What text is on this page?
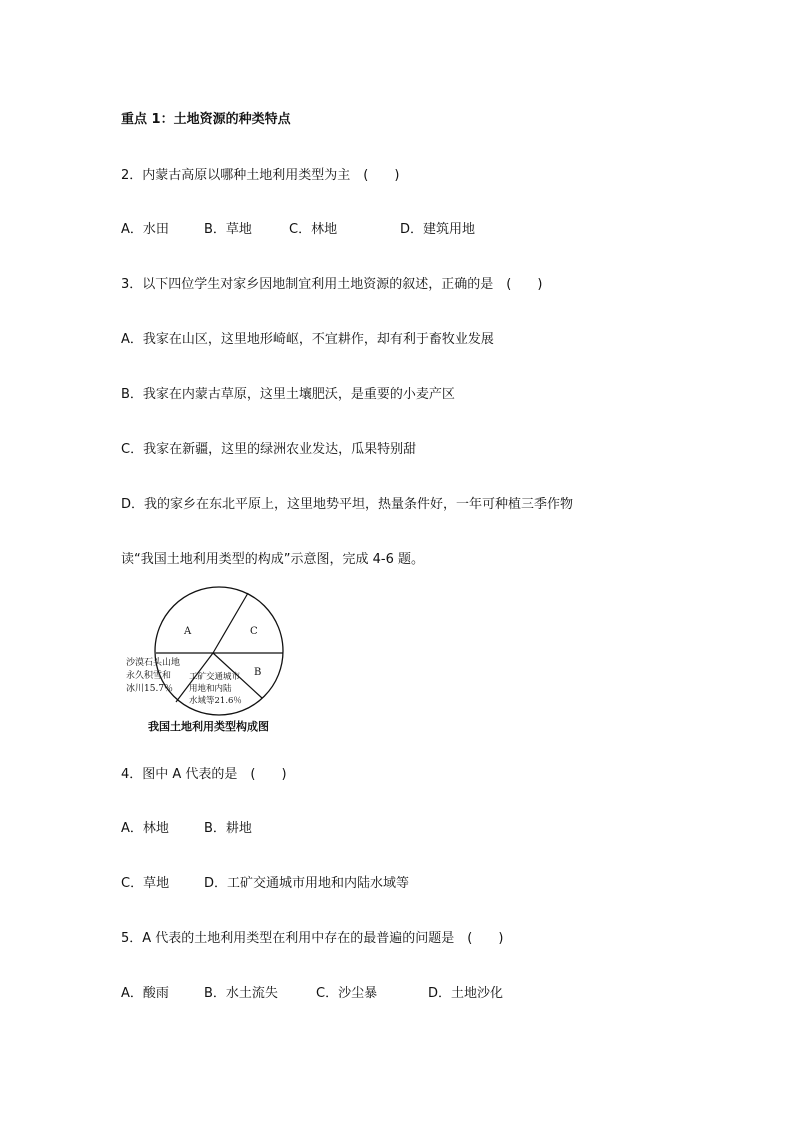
重点 1：土地资源的种类特点
2．内蒙古高原以哪种土地利用类型为主　(　　)
A．水田	B．草地	C．林地	D．建筑用地
3．以下四位学生对家乡因地制宜利用土地资源的叙述，正确的是　(　　)
A．我家在山区，这里地形崎岖，不宜耕作，却有利于畜牧业发展
B．我家在内蒙古草原，这里土壤肥沃，是重要的小麦产区
C．我家在新疆，这里的绿洲农业发达，瓜果特别甜
D．我的家乡在东北平原上，这里地势平坦，热量条件好，一年可种植三季作物
读“我国土地利用类型的构成”示意图，完成 4-6 题。
A	C
B
工矿交通城市
用地和内陆
水域等21.6％
沙漠石头山地
永久积雪和
冰川15.7％
我国土地利用类型构成图
4．图中 A 代表的是　(　　)
A．林地	B．耕地
C．草地	D．工矿交通城市用地和内陆水域等
5．A 代表的土地利用类型在利用中存在的最普遍的问题是　(　　)
A．酸雨	B．水土流失	C．沙尘暴	D．土地沙化
